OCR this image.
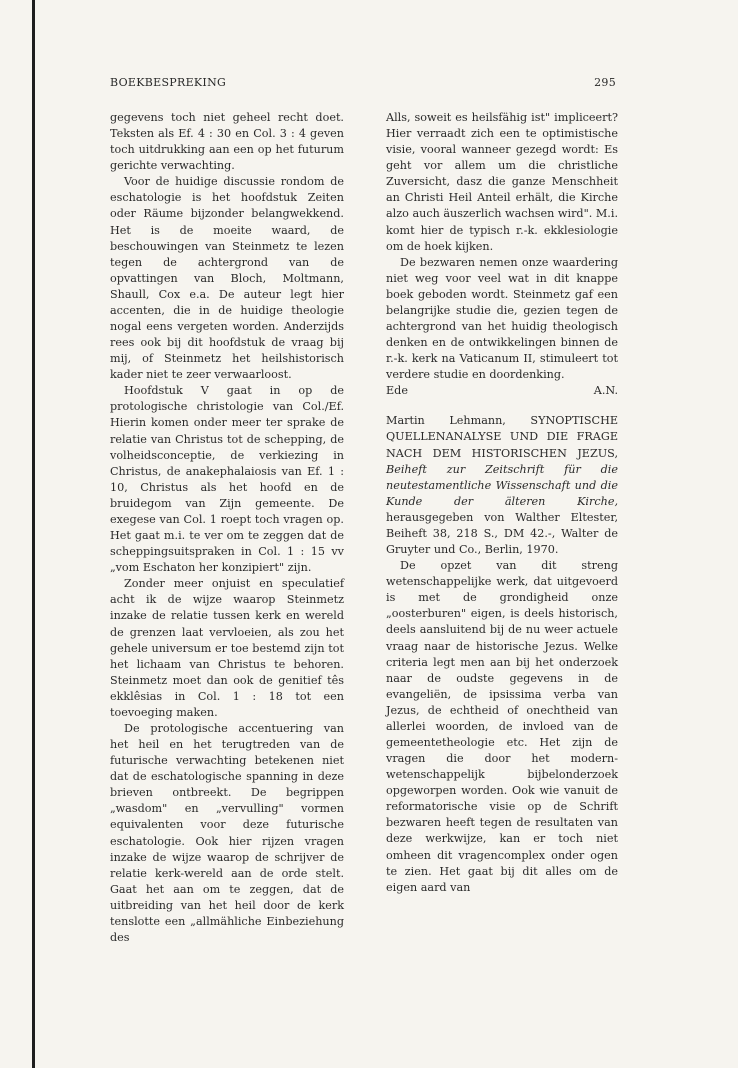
BOEKBESPREKING	295

gegevens toch niet geheel recht doet. Teksten als Ef. 4 : 30 en Col. 3 : 4 geven toch uitdrukking aan een op het futurum gerichte verwachting.

Voor de huidige discussie rondom de eschatologie is het hoofdstuk Zeiten oder Räume bijzonder belangwekkend. Het is de moeite waard, de beschouwingen van Steinmetz te lezen tegen de achtergrond van de opvattingen van Bloch, Moltmann, Shaull, Cox e.a. De auteur legt hier accenten, die in de huidige theologie nogal eens vergeten worden. Anderzijds rees ook bij dit hoofdstuk de vraag bij mij, of Steinmetz het heilshistorisch kader niet te zeer verwaarloost.

Hoofdstuk V gaat in op de protologische christologie van Col./Ef. Hierin komen onder meer ter sprake de relatie van Christus tot de schepping, de volheidsconceptie, de verkiezing in Christus, de anakephalaiosis van Ef. 1 : 10, Christus als het hoofd en de bruidegom van Zijn gemeente. De exegese van Col. 1 roept toch vragen op. Het gaat m.i. te ver om te zeggen dat de scheppingsuitspraken in Col. 1 : 15 vv „vom Eschaton her konzipiert" zijn.

Zonder meer onjuist en speculatief acht ik de wijze waarop Steinmetz inzake de relatie tussen kerk en wereld de grenzen laat vervloeien, als zou het gehele universum er toe bestemd zijn tot het lichaam van Christus te behoren. Steinmetz moet dan ook de genitief tês ekklêsias in Col. 1 : 18 tot een toevoeging maken.

De protologische accentuering van het heil en het terugtreden van de futurische verwachting betekenen niet dat de eschatologische spanning in deze brieven ontbreekt. De begrippen „wasdom" en „vervulling" vormen equivalenten voor deze futurische eschatologie. Ook hier rijzen vragen inzake de wijze waarop de schrijver de relatie kerk-wereld aan de orde stelt. Gaat het aan om te zeggen, dat de uitbreiding van het heil door de kerk tenslotte een „allmähliche Einbeziehung des

Alls, soweit es heilsfähig ist" impliceert? Hier verraadt zich een te optimistische visie, vooral wanneer gezegd wordt: Es geht vor allem um die christliche Zuversicht, dasz die ganze Menschheit an Christi Heil Anteil erhält, die Kirche alzo auch äuszerlich wachsen wird". M.i. komt hier de typisch r.-k. ekklesiologie om de hoek kijken.

De bezwaren nemen onze waardering niet weg voor veel wat in dit knappe boek geboden wordt. Steinmetz gaf een belangrijke studie die, gezien tegen de achtergrond van het huidig theologisch denken en de ontwikkelingen binnen de r.-k. kerk na Vaticanum II, stimuleert tot verdere studie en doordenking.

Ede	A.N.

Martin Lehmann, SYNOPTISCHE QUELLENANALYSE UND DIE FRAGE NACH DEM HISTORISCHEN JEZUS, Beiheft zur Zeitschrift für die neutestamentliche Wissenschaft und die Kunde der älteren Kirche, herausgegeben von Walther Eltester, Beiheft 38, 218 S., DM 42.-, Walter de Gruyter und Co., Berlin, 1970.

De opzet van dit streng wetenschappelijke werk, dat uitgevoerd is met de grondigheid onze „oosterburen" eigen, is deels historisch, deels aansluitend bij de nu weer actuele vraag naar de historische Jezus. Welke criteria legt men aan bij het onderzoek naar de oudste gegevens in de evangeliën, de ipsissima verba van Jezus, de echtheid of onechtheid van allerlei woorden, de invloed van de gemeentetheologie etc. Het zijn de vragen die door het modern-wetenschappelijk bijbelonderzoek opgeworpen worden. Ook wie vanuit de reformatorische visie op de Schrift bezwaren heeft tegen de resultaten van deze werkwijze, kan er toch niet omheen dit vragencomplex onder ogen te zien. Het gaat bij dit alles om de eigen aard van
